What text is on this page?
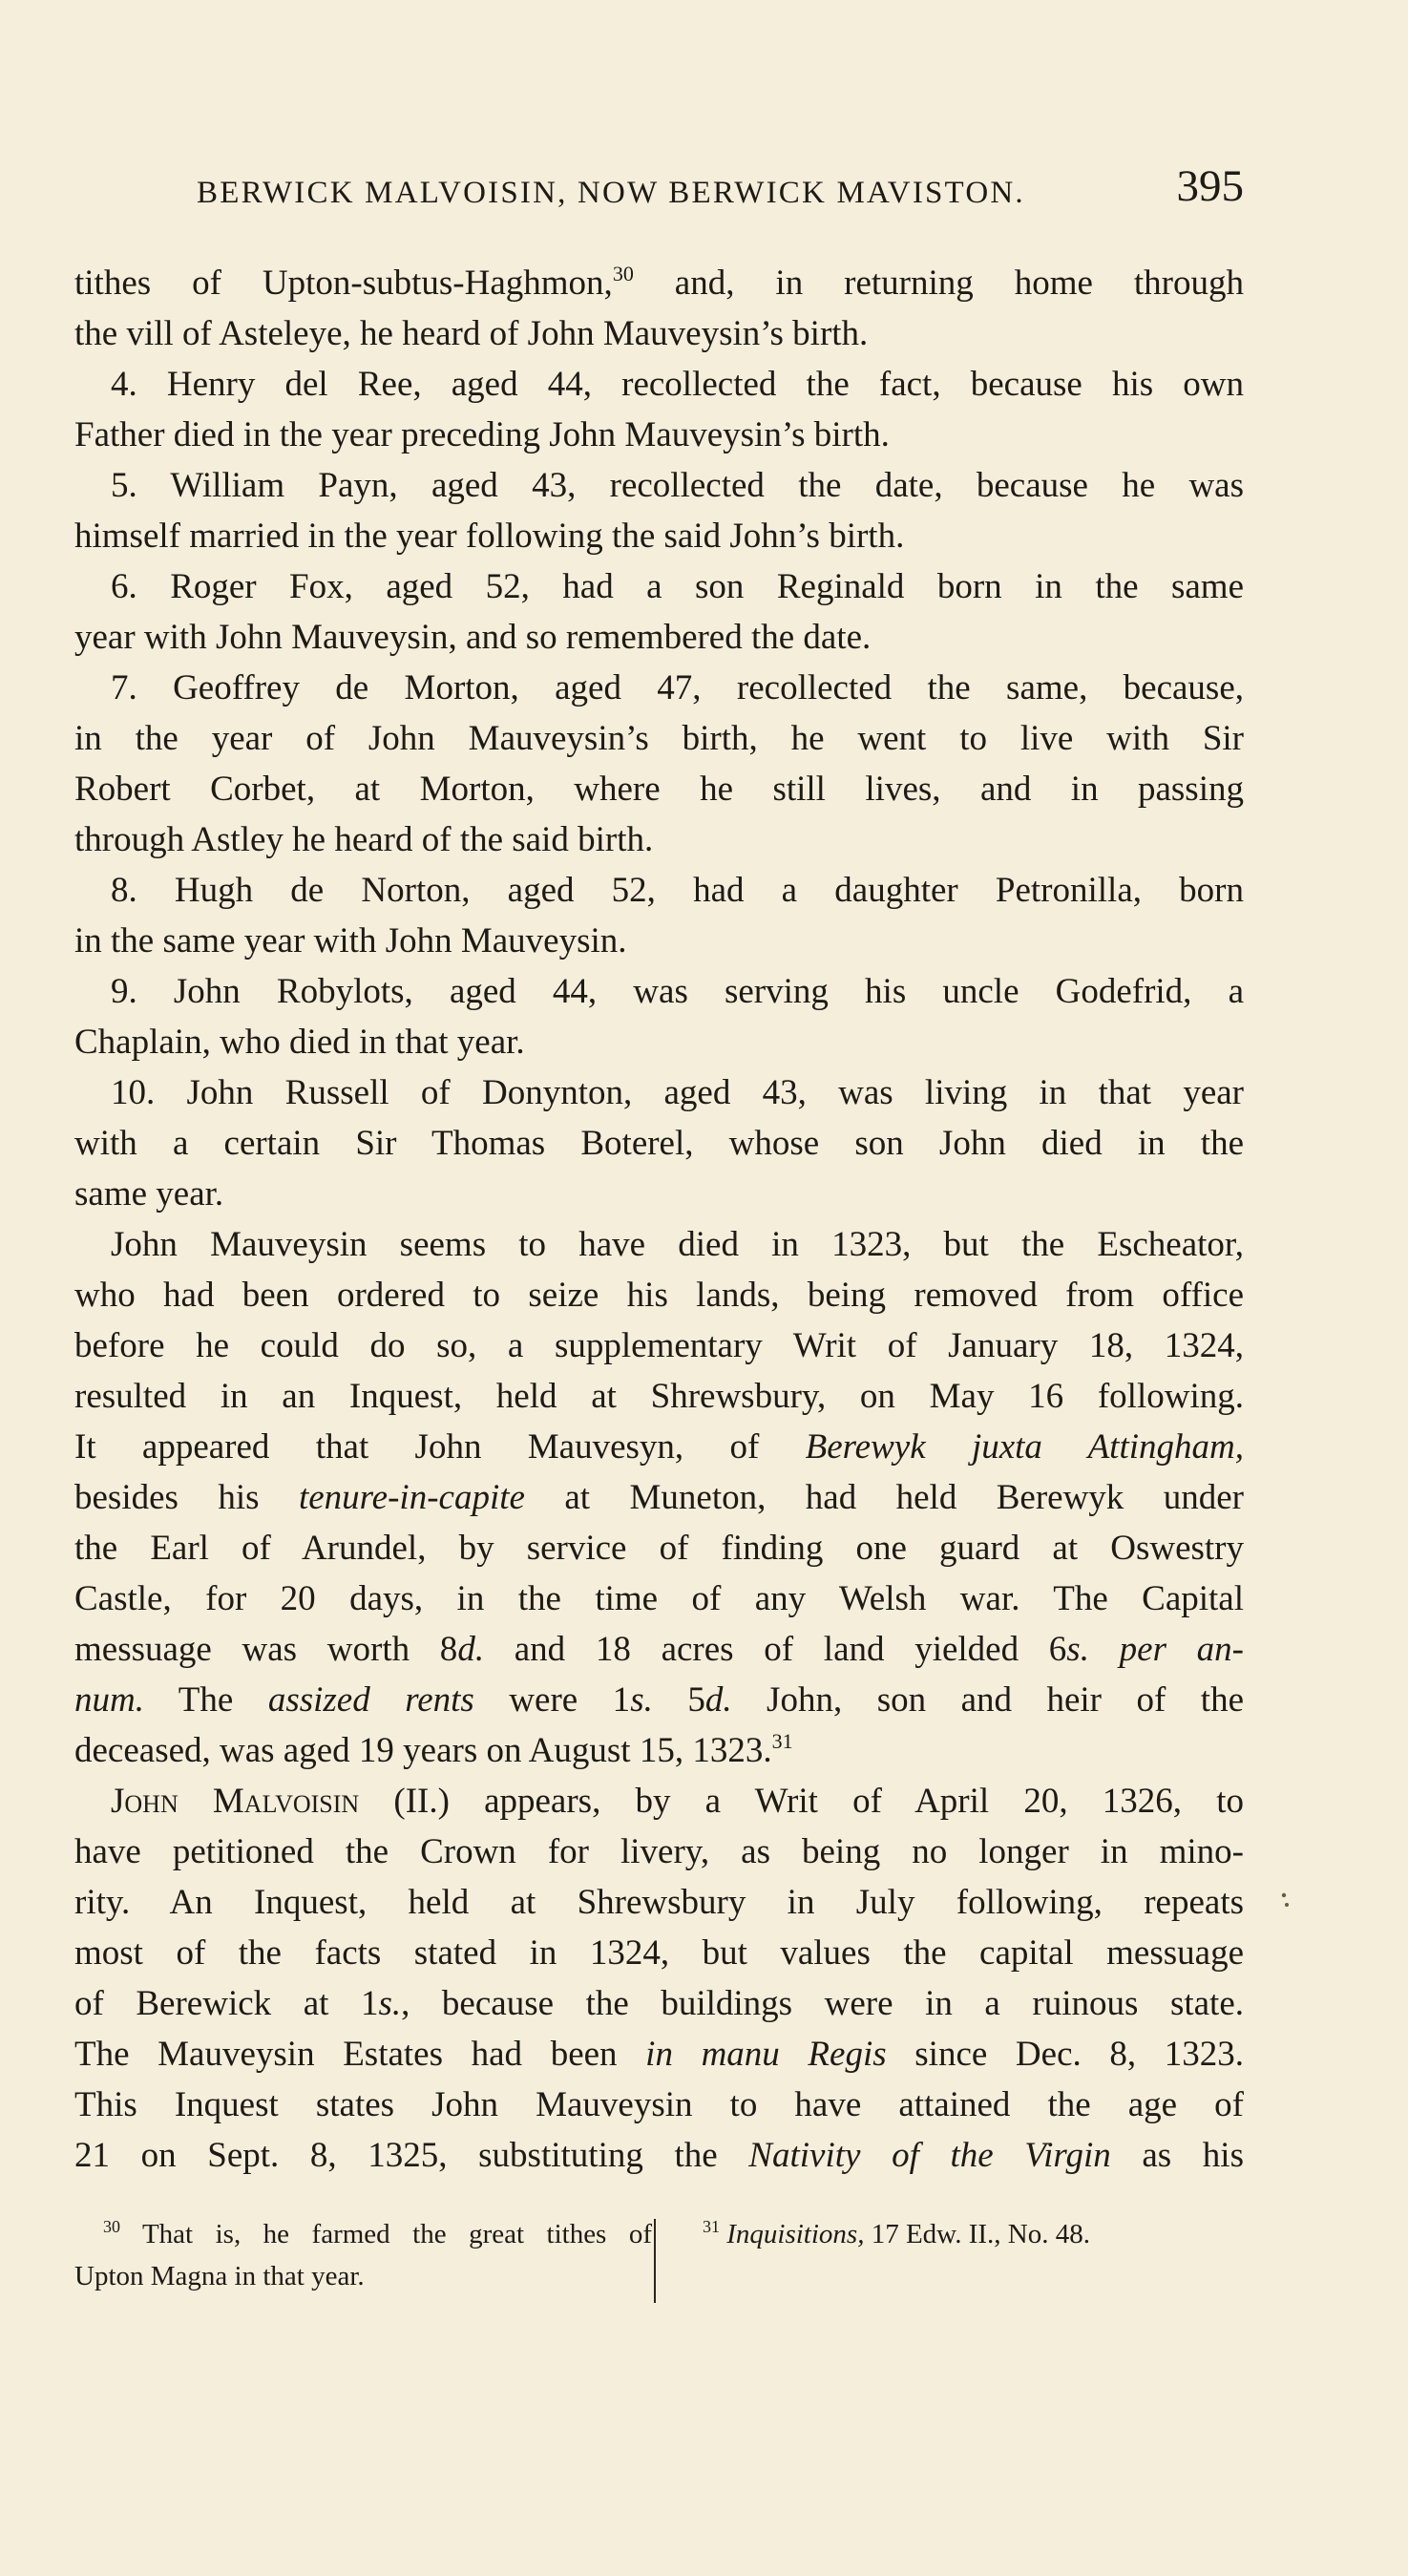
BERWICK MALVOISIN, NOW BERWICK MAVISTON.	395
tithes of Upton-subtus-Haghmon,$^{30}$ and, in returning home through
the vill of Asteleye, he heard of John Mauveysin’s birth.
4. Henry del Ree, aged 44, recollected the fact, because his own
Father died in the year preceding John Mauveysin’s birth.
5. William Payn, aged 43, recollected the date, because he was
himself married in the year following the said John’s birth.
6. Roger Fox, aged 52, had a son Reginald born in the same
year with John Mauveysin, and so remembered the date.
7. Geoffrey de Morton, aged 47, recollected the same, because,
in the year of John Mauveysin’s birth, he went to live with Sir
Robert Corbet, at Morton, where he still lives, and in passing
through Astley he heard of the said birth.
8. Hugh de Norton, aged 52, had a daughter Petronilla, born
in the same year with John Mauveysin.
9. John Robylots, aged 44, was serving his uncle Godefrid, a
Chaplain, who died in that year.
10. John Russell of Donynton, aged 43, was living in that year
with a certain Sir Thomas Boterel, whose son John died in the
same year.
John Mauveysin seems to have died in 1323, but the Escheator,
who had been ordered to seize his lands, being removed from office
before he could do so, a supplementary Writ of January 18, 1324,
resulted in an Inquest, held at Shrewsbury, on May 16 following.
It appeared that John Mauvesyn, of Berewyk juxta Attingham,
besides his tenure-in-capite at Muneton, had held Berewyk under
the Earl of Arundel, by service of finding one guard at Oswestry
Castle, for 20 days, in the time of any Welsh war. The Capital
messuage was worth 8d. and 18 acres of land yielded 6s. per an-
num. The assized rents were 1s. 5d. John, son and heir of the
deceased, was aged 19 years on August 15, 1323.31
John Malvoisin (II.) appears, by a Writ of April 20, 1326, to
have petitioned the Crown for livery, as being no longer in mino-
rity. An Inquest, held at Shrewsbury in July following, repeats
most of the facts stated in 1324, but values the capital messuage
of Berewick at 1s., because the buildings were in a ruinous state.
The Mauveysin Estates had been in manu Regis since Dec. 8, 1323.
This Inquest states John Mauveysin to have attained the age of
21 on Sept. 8, 1325, substituting the Nativity of the Virgin as his
$^{30}$ That is, he farmed the great tithes of
Upton Magna in that year.
$^{31}$ Inquisitions, 17 Edw. II., No. 48.
